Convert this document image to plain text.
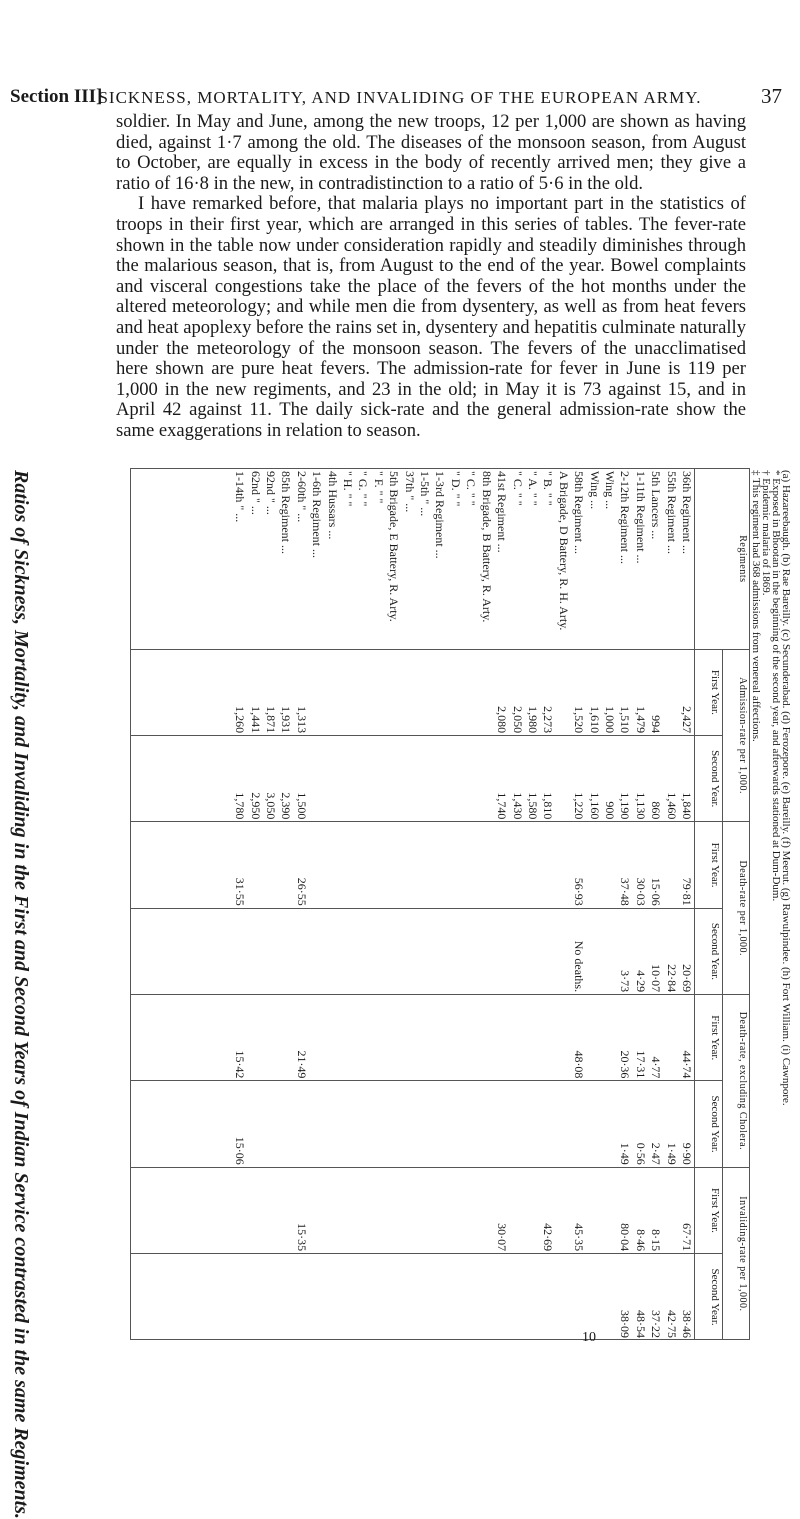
Section III]
SICKNESS, MORTALITY, AND INVALIDING OF THE EUROPEAN ARMY.	37

soldier. In May and June, among the new troops, 12 per 1,000 are shown as having died, against 1·7 among the old. The diseases of the monsoon season, from August to October, are equally in excess in the body of recently arrived men; they give a ratio of 16·8 in the new, in contradistinction to a ratio of 5·6 in the old.

I have remarked before, that malaria plays no important part in the statistics of troops in their first year, which are arranged in this series of tables. The fever-rate shown in the table now under consideration rapidly and steadily diminishes through the malarious season, that is, from August to the end of the year. Bowel complaints and visceral congestions take the place of the fevers of the hot months under the altered meteorology; and while men die from dysentery, as well as from heat fevers and heat apoplexy before the rains set in, dysentery and hepatitis culminate naturally under the meteorology of the monsoon season. The fevers of the unacclimatised here shown are pure heat fevers. The admission-rate for fever in June is 119 per 1,000 in the new regiments, and 23 in the old; in May it is 73 against 15, and in April 42 against 11. The daily sick-rate and the general admission-rate show the same exaggerations in relation to season.

Ratios of Sickness, Mortality, and Invaliding in the First and Second Years of Indian Service contrasted in the same Regiments.	Regiments	Admission-rate per 1,000.		Death-rate per 1,000.		Death-rate, excluding Cholera.		Invaliding-rate per 1,000.	
	First Year.	Second Year.	First Year.	Second Year.	First Year.	Second Year.	First Year.	Second Year.
36th Regiment ...	2,427	1,840	79·81	20·69	44·74	9·90	67·71	38·46
55th Regiment ...		1,460		22·84		1·49		42·75
5th Lancers ...	994	860	15·06	10·07	4·77	2·47	8·15	37·22
1-11th Regiment ...	1,479	1,130	30·03	4·29	17·31	0·56	8·46	48·54
2-12th Regiment ...	1,510	1,190	37·48	3·73	20·36	1·49	80·04	38·09
Wing ...	1,000	900						
Wing ...	1,610	1,160						
58th Regiment ...	1,520	1,220	56·93	No deaths.	48·08		45·35	
A Brigade, D Battery, R. H. Arty.								
" B. " "	2,273	1,810					42·69	
" A. " "	1,980	1,580						
" C. " "	2,050	1,430						
41st Regiment ...	2,080	1,740					30·07	
8th Brigade, B Battery, R. Arty.								
" C. " "								
" D. " "								
1-3rd Regiment ...								
1-5th " ...								
37th " ...								
5th Brigade, E Battery, R. Arty.								
" F. " "								
" G. " "								
" H. " "								
4th Hussars ...								
1-6th Regiment ...								
2-60th " ...	1,313	1,500	26·55		21·49		15·35	
85th Regiment ...	1,931	2,390						
92nd " ...	1,871	3,050						
62nd " ...	1,441	2,950						
1-14th " ...	1,260	1,780	31·55		15·42	15·06		
(a) Hazareebaugh. (b) Rae Bareilly. (c) Secunderabad. (d) Ferozepore. (e) Bareilly. (f) Meerut. (g) Rawulpindee. (h) Fort William. (i) Cawnpore.
* Exposed in Bhootan in the beginning of the second year, and afterwards stationed at Dum-Dum.
† Epidemic malaria of 1869.
‡ This regiment had 368 admissions from venereal affections.
10
